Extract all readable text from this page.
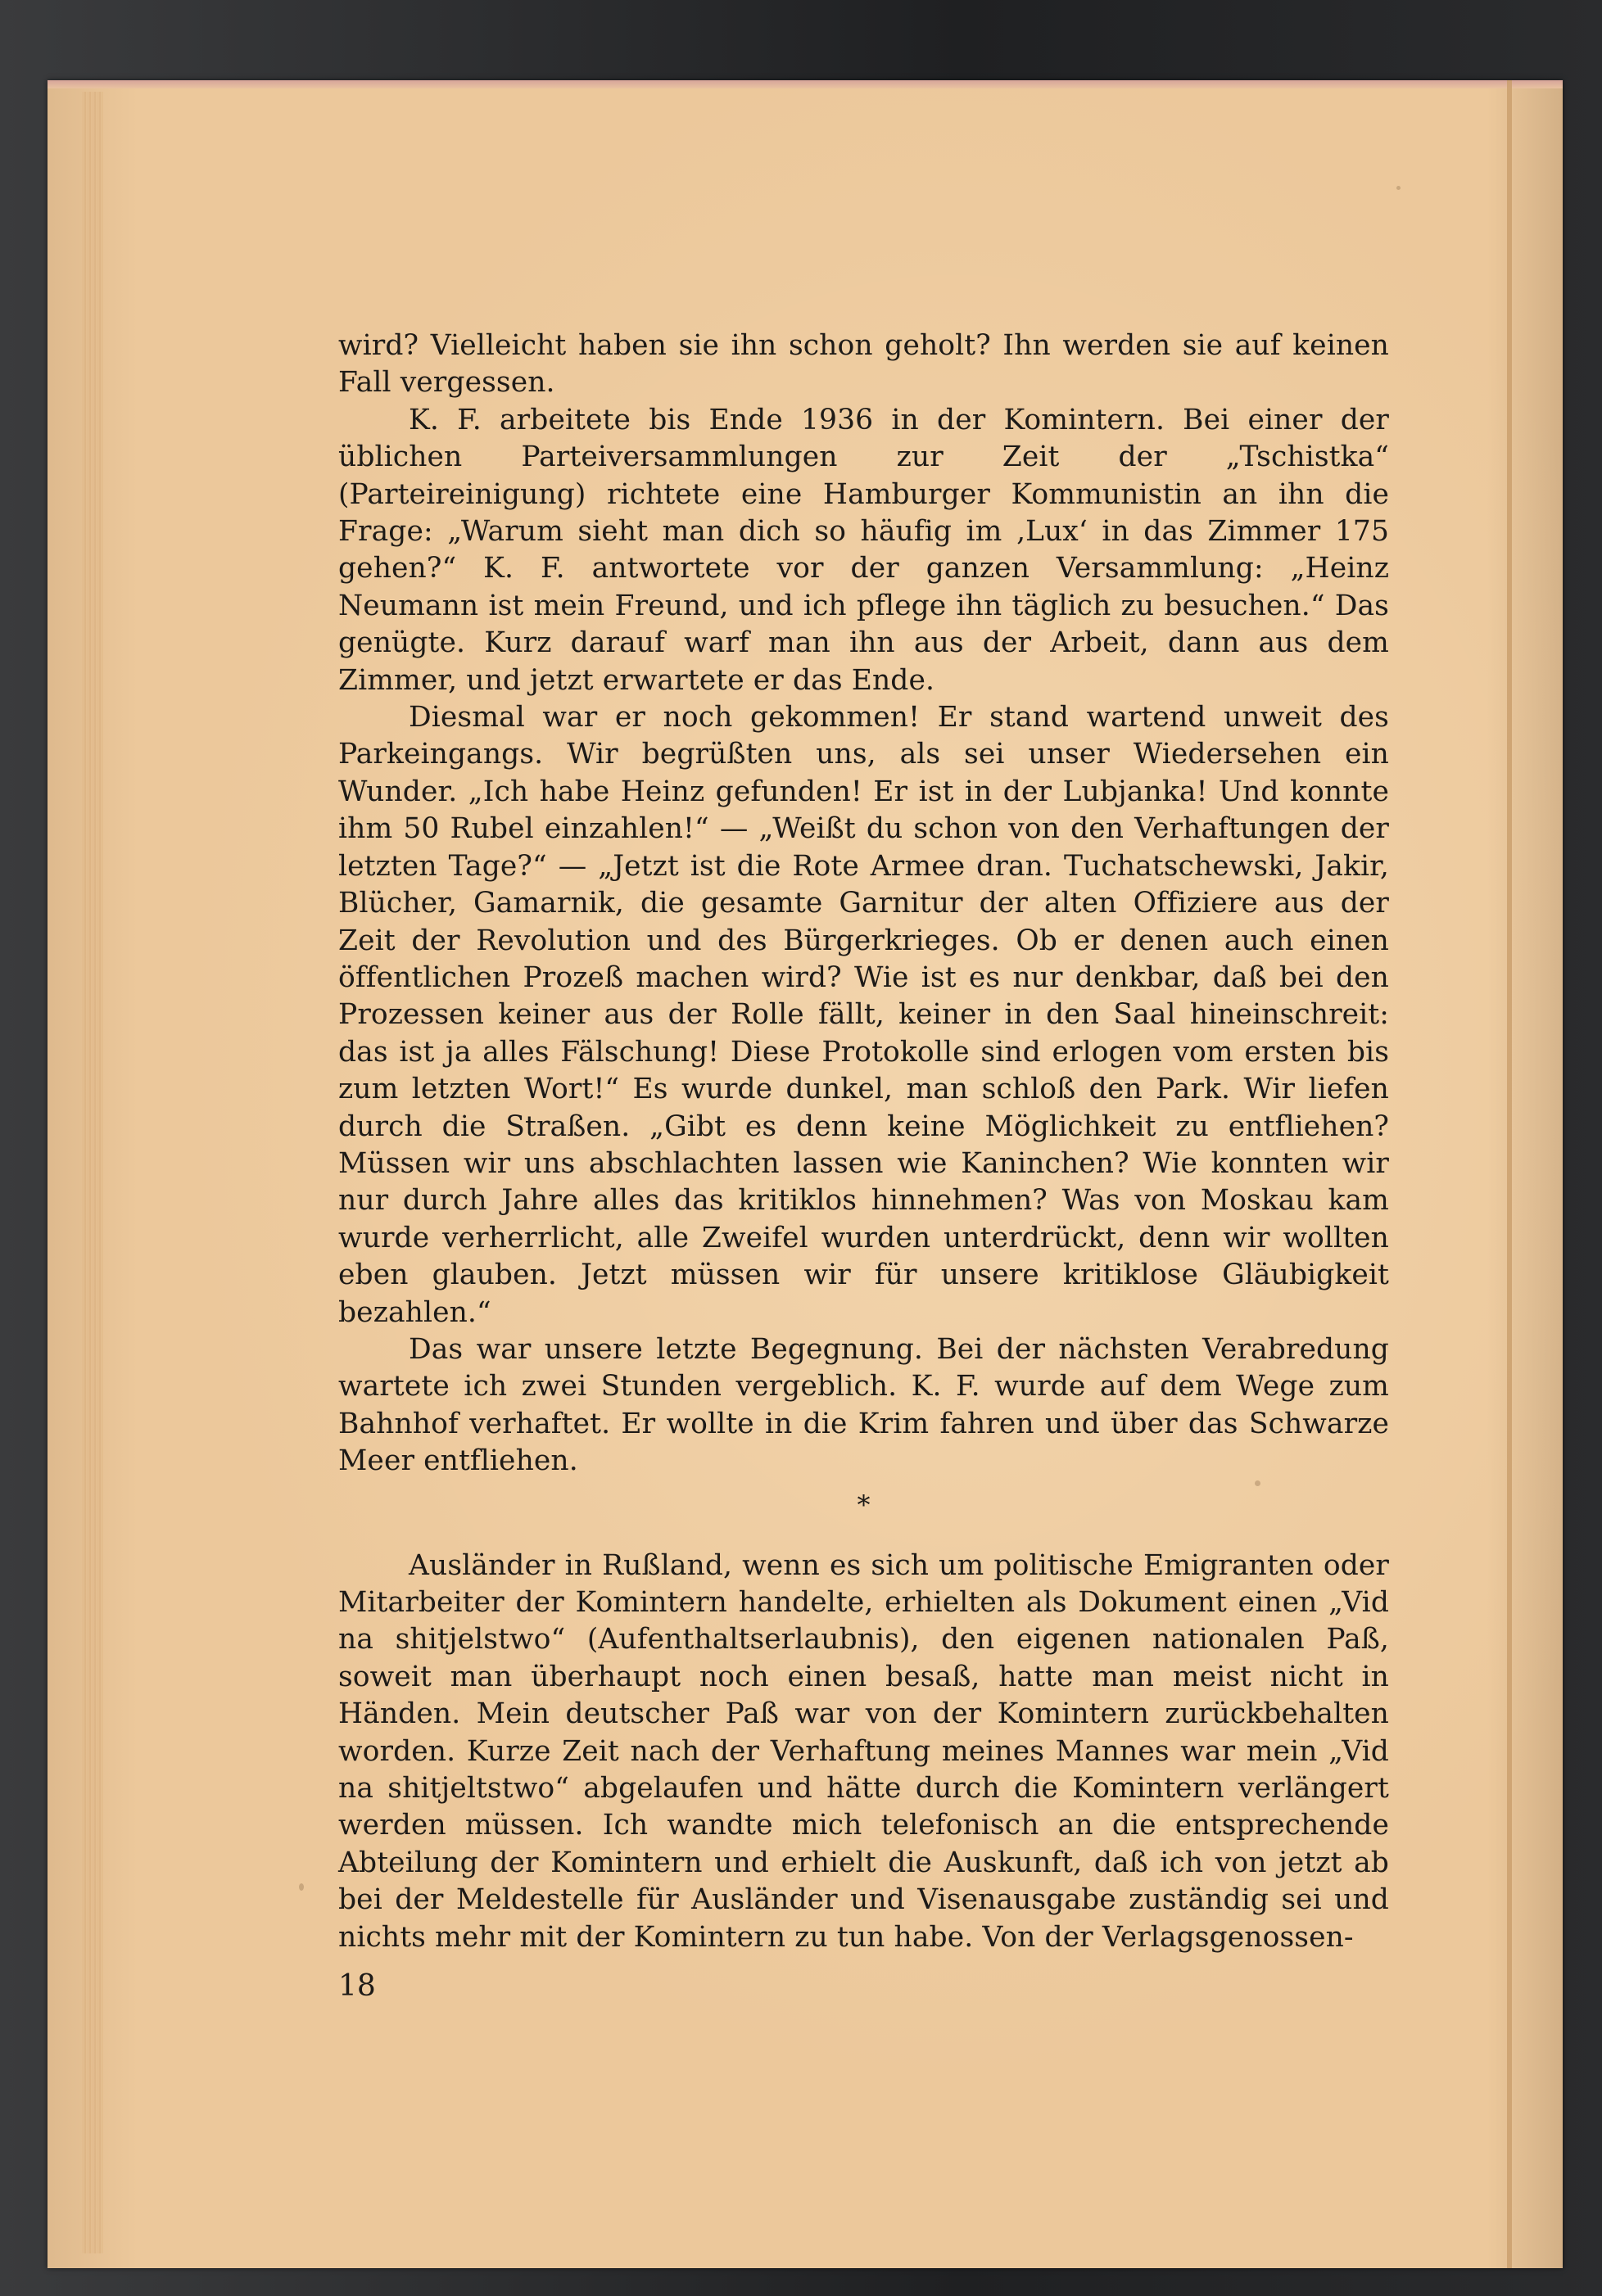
wird? Vielleicht haben sie ihn schon geholt? Ihn werden sie auf keinen Fall vergessen.

K. F. arbeitete bis Ende 1936 in der Komintern. Bei einer der üblichen Parteiversammlungen zur Zeit der „Tschistka“ (Parteireinigung) richtete eine Hamburger Kommunistin an ihn die Frage: „Warum sieht man dich so häufig im ‚Lux‘ in das Zimmer 175 gehen?“ K. F. antwortete vor der ganzen Versammlung: „Heinz Neumann ist mein Freund, und ich pflege ihn täglich zu besuchen.“ Das genügte. Kurz darauf warf man ihn aus der Arbeit, dann aus dem Zimmer, und jetzt erwartete er das Ende.

Diesmal war er noch gekommen! Er stand wartend unweit des Parkeingangs. Wir begrüßten uns, als sei unser Wiedersehen ein Wunder. „Ich habe Heinz gefunden! Er ist in der Lubjanka! Und konnte ihm 50 Rubel einzahlen!“ — „Weißt du schon von den Verhaftungen der letzten Tage?“ — „Jetzt ist die Rote Armee dran. Tuchatschewski, Jakir, Blücher, Gamarnik, die gesamte Garnitur der alten Offiziere aus der Zeit der Revolution und des Bürgerkrieges. Ob er denen auch einen öffentlichen Prozeß machen wird? Wie ist es nur denkbar, daß bei den Prozessen keiner aus der Rolle fällt, keiner in den Saal hineinschreit: das ist ja alles Fälschung! Diese Protokolle sind erlogen vom ersten bis zum letzten Wort!“ Es wurde dunkel, man schloß den Park. Wir liefen durch die Straßen. „Gibt es denn keine Möglichkeit zu entfliehen? Müssen wir uns abschlachten lassen wie Kaninchen? Wie konnten wir nur durch Jahre alles das kritiklos hinnehmen? Was von Moskau kam wurde verherrlicht, alle Zweifel wurden unterdrückt, denn wir wollten eben glauben. Jetzt müssen wir für unsere kritiklose Gläubigkeit bezahlen.“

Das war unsere letzte Begegnung. Bei der nächsten Verabredung wartete ich zwei Stunden vergeblich. K. F. wurde auf dem Wege zum Bahnhof verhaftet. Er wollte in die Krim fahren und über das Schwarze Meer entfliehen.

*

Ausländer in Rußland, wenn es sich um politische Emigranten oder Mitarbeiter der Komintern handelte, erhielten als Dokument einen „Vid na shitjelstwo“ (Aufenthaltserlaubnis), den eigenen nationalen Paß, soweit man überhaupt noch einen besaß, hatte man meist nicht in Händen. Mein deutscher Paß war von der Komintern zurückbehalten worden. Kurze Zeit nach der Verhaftung meines Mannes war mein „Vid na shitjeltstwo“ abgelaufen und hätte durch die Komintern verlängert werden müssen. Ich wandte mich telefonisch an die entsprechende Abteilung der Komintern und erhielt die Auskunft, daß ich von jetzt ab bei der Meldestelle für Ausländer und Visenausgabe zuständig sei und nichts mehr mit der Komintern zu tun habe. Von der Verlagsgenossen-

18
